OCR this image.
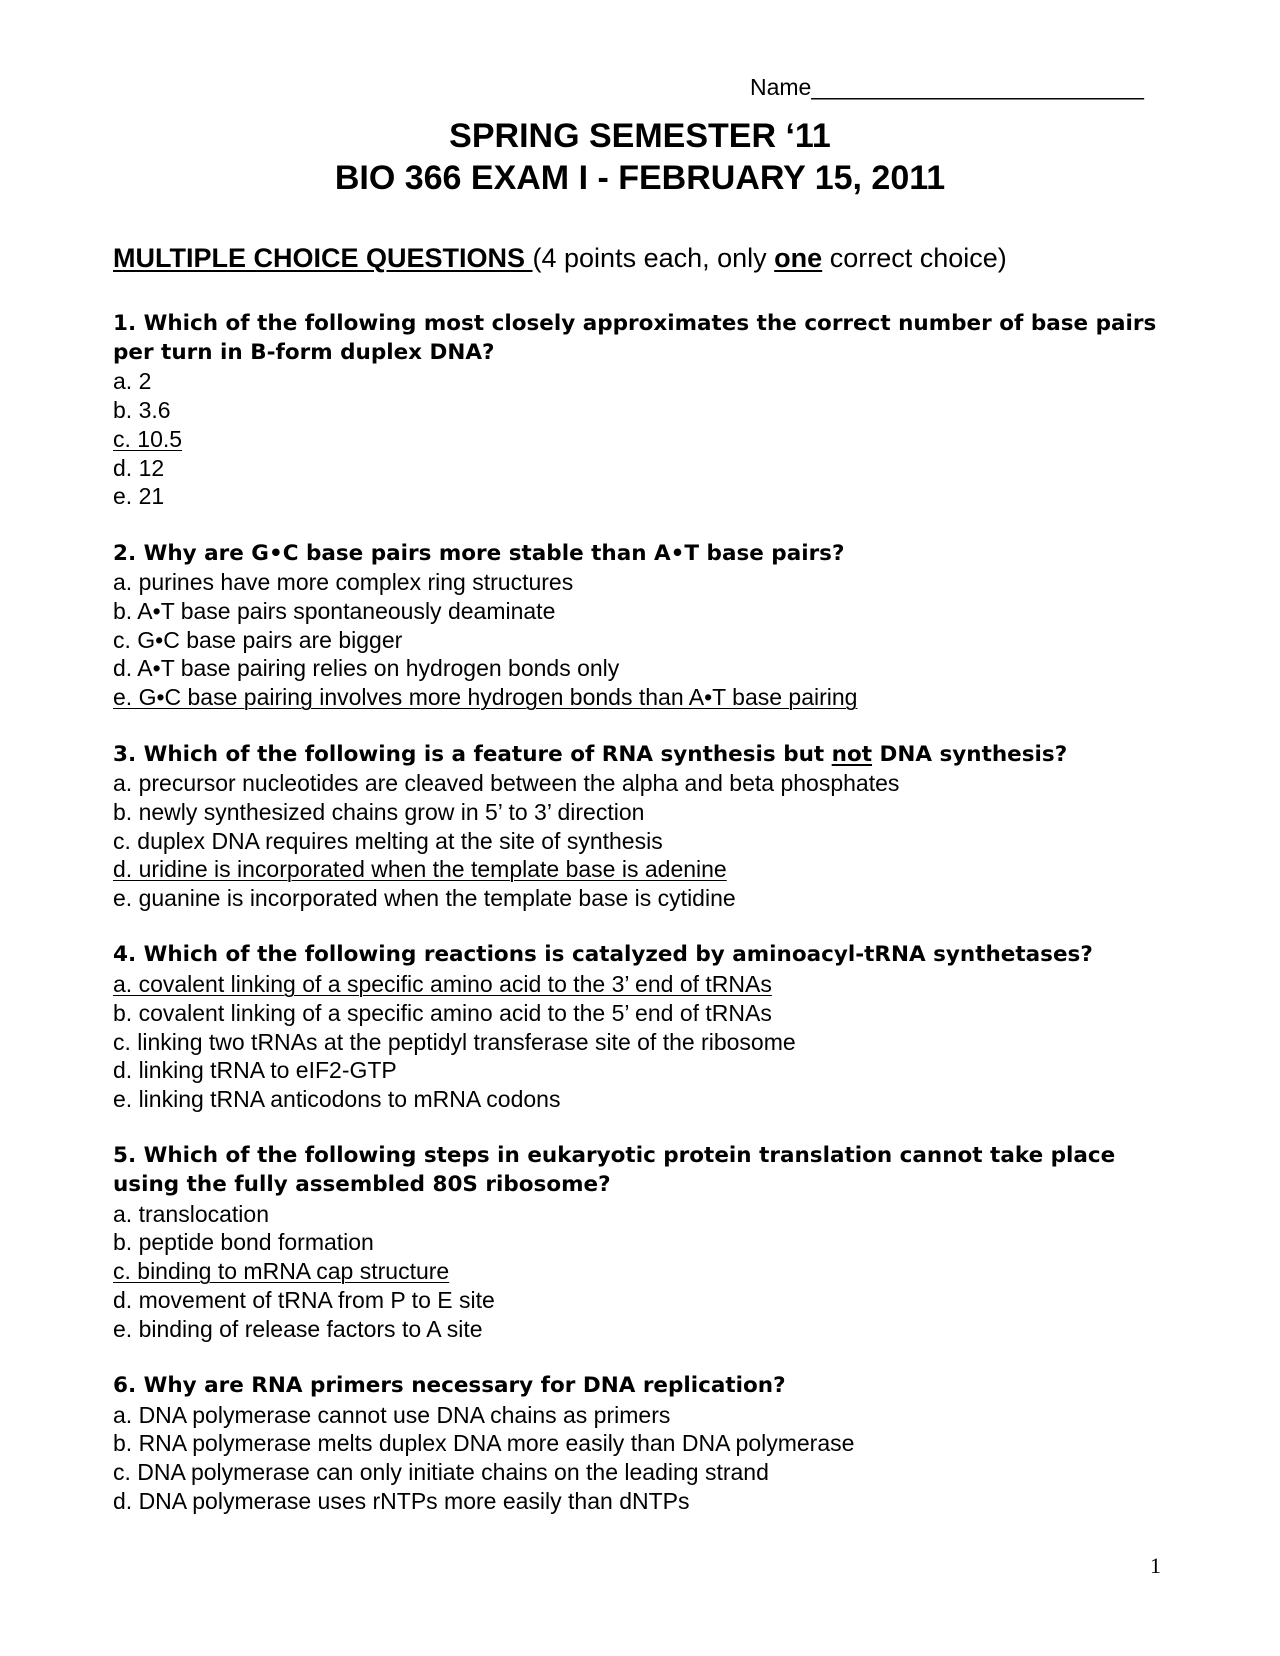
Name__________________________
SPRING SEMESTER ‘11
BIO 366 EXAM I - FEBRUARY 15, 2011
MULTIPLE CHOICE QUESTIONS (4 points each, only one correct choice)
1. Which of the following most closely approximates the correct number of base pairs per turn in B-form duplex DNA?
a. 2
b. 3.6
c. 10.5
d. 12
e. 21
2. Why are G•C base pairs more stable than A•T base pairs?
a. purines have more complex ring structures
b. A•T base pairs spontaneously deaminate
c. G•C base pairs are bigger
d. A•T base pairing relies on hydrogen bonds only
e. G•C base pairing involves more hydrogen bonds than A•T base pairing
3. Which of the following is a feature of RNA synthesis but not DNA synthesis?
a. precursor nucleotides are cleaved between the alpha and beta phosphates
b. newly synthesized chains grow in 5’ to 3’ direction
c. duplex DNA requires melting at the site of synthesis
d. uridine is incorporated when the template base is adenine
e. guanine is incorporated when the template base is cytidine
4. Which of the following reactions is catalyzed by aminoacyl-tRNA synthetases?
a. covalent linking of a specific amino acid to the 3’ end of tRNAs
b. covalent linking of a specific amino acid to the 5’ end of tRNAs
c. linking two tRNAs at the peptidyl transferase site of the ribosome
d. linking tRNA to eIF2-GTP
e. linking tRNA anticodons to mRNA codons
5. Which of the following steps in eukaryotic protein translation cannot take place using the fully assembled 80S ribosome?
a. translocation
b. peptide bond formation
c. binding to mRNA cap structure
d. movement of tRNA from P to E site
e. binding of release factors to A site
6. Why are RNA primers necessary for DNA replication?
a. DNA polymerase cannot use DNA chains as primers
b. RNA polymerase melts duplex DNA more easily than DNA polymerase
c. DNA polymerase can only initiate chains on the leading strand
d. DNA polymerase uses rNTPs more easily than dNTPs
1
